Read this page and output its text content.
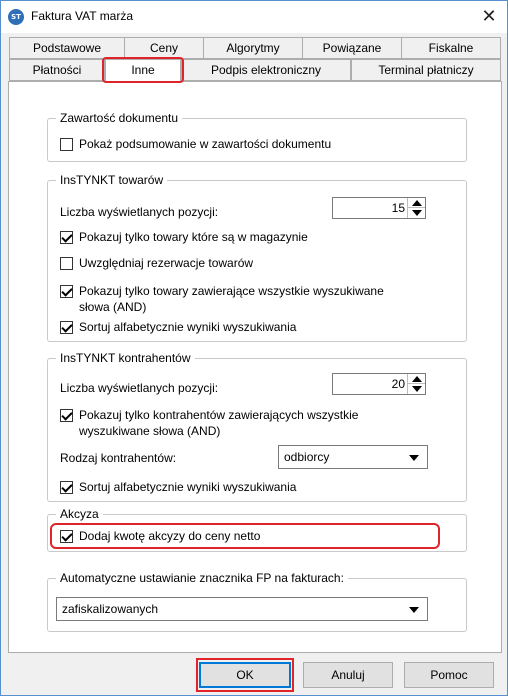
ST Faktura VAT marża	✕
Podstawowe	Ceny	Algorytmy	Powiązane	Fiskalne
Płatności	Inne	Podpis elektroniczny	Terminal płatniczy
Zawartość dokumentu
Pokaż podsumowanie w zawartości dokumentu
InsTYNKT towarów
Liczba wyświetlanych pozycji:	15
Pokazuj tylko towary które są w magazynie
Uwzględniaj rezerwacje towarów
Pokazuj tylko towary zawierające wszystkie wyszukiwane
słowa (AND)
Sortuj alfabetycznie wyniki wyszukiwania
InsTYNKT kontrahentów
Liczba wyświetlanych pozycji:	20
Pokazuj tylko kontrahentów zawierających wszystkie
wyszukiwane słowa (AND)
Rodzaj kontrahentów:	odbiorcy
Sortuj alfabetycznie wyniki wyszukiwania
Akcyza
Dodaj kwotę akcyzy do ceny netto
Automatyczne ustawianie znacznika FP na fakturach:
zafiskalizowanych
OK	Anuluj	Pomoc
